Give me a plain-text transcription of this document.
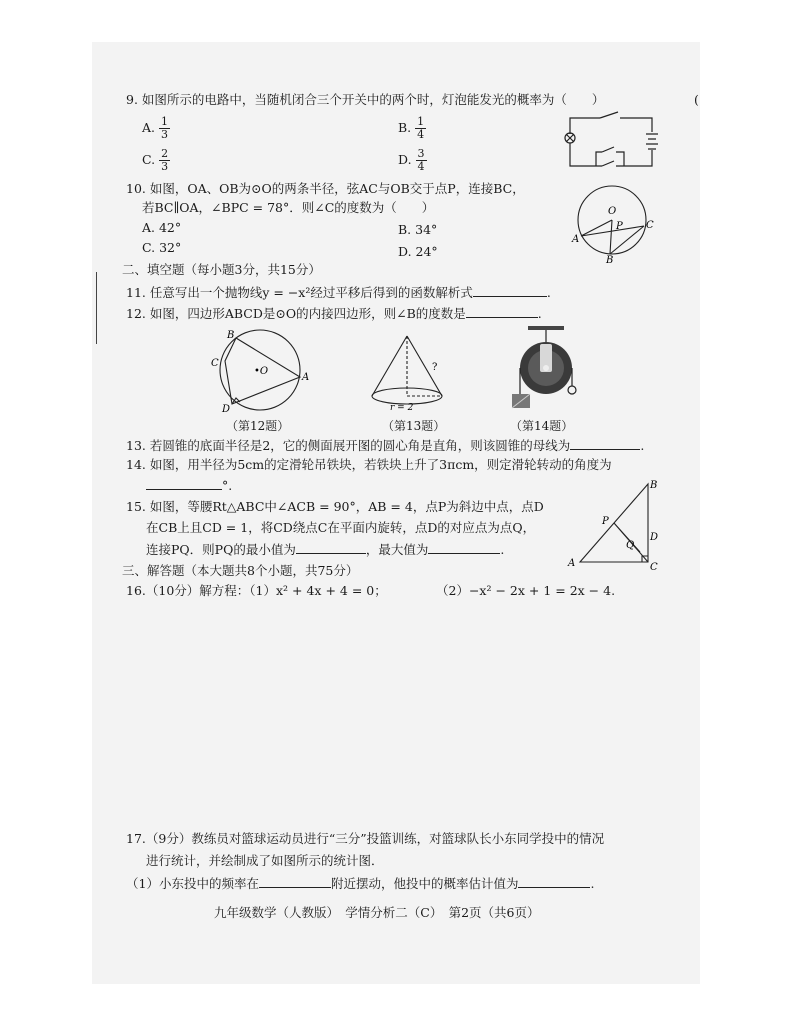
9. 如图所示的电路中，当随机闭合三个开关中的两个时，灯泡能发光的概率为（　　）	(
A. $\frac{1}{3}$	B. $\frac{1}{4}$
C. $\frac{2}{3}$	D. $\frac{3}{4}$
10. 如图，OA、OB为⊙O的两条半径，弦AC与OB交于点P，连接BC，
若BC∥OA，∠BPC = 78°．则∠C的度数为（　　）
A. 42°	B. 34°
C. 32°	D. 24°
O
P
A
B
C
二、填空题（每小题3分，共15分）
11. 任意写出一个抛物线y = −x²经过平移后得到的函数解析式	.
12. 如图，四边形ABCD是⊙O的内接四边形，则∠B的度数是	.
B
C
•O
A
D
?
r = 2
（第12题）	（第13题）	（第14题）
13. 若圆锥的底面半径是2，它的侧面展开图的圆心角是直角，则该圆锥的母线为	.
14. 如图，用半径为5cm的定滑轮吊铁块，若铁块上升了3πcm，则定滑轮转动的角度为
°.
15. 如图，等腰Rt△ABC中∠ACB = 90°，AB = 4，点P为斜边中点，点D
在CB上且CD = 1，将CD绕点C在平面内旋转，点D的对应点为点Q，
连接PQ．则PQ的最小值为	，最大值为	.
B
P
Q
D
A	C
三、解答题（本大题共8个小题，共75分）
16.（10分）解方程：（1）x² + 4x + 4 = 0；	（2）−x² − 2x + 1 = 2x − 4.
17.（9分）教练员对篮球运动员进行“三分”投篮训练，对篮球队长小东同学投中的情况
进行统计，并绘制成了如图所示的统计图．
（1）小东投中的频率在	附近摆动，他投中的概率估计值为	.
九年级数学（人教版）　学情分析二（C）　第2页（共6页）
